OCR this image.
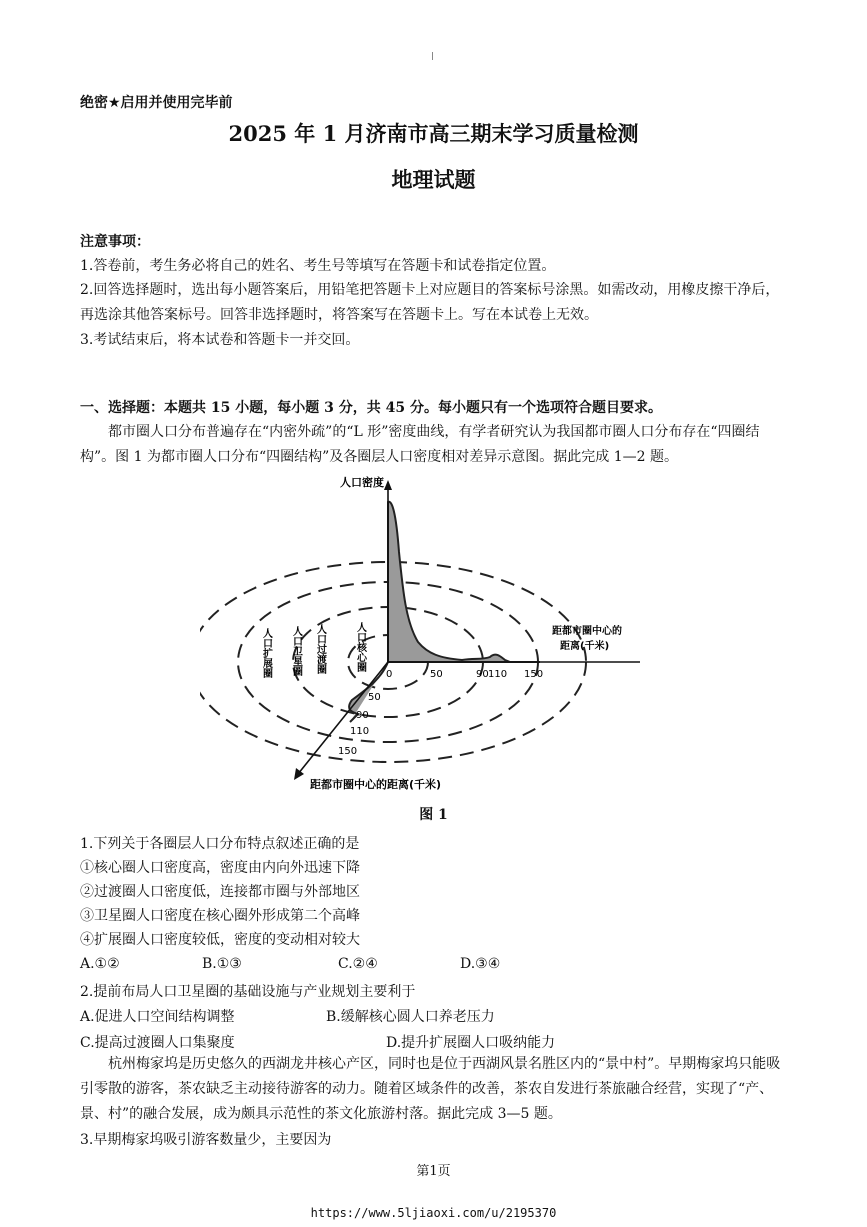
绝密★启用并使用完毕前
2025 年 1 月济南市高三期末学习质量检测
地理试题
注意事项：
1.答卷前，考生务必将自己的姓名、考生号等填写在答题卡和试卷指定位置。
2.回答选择题时，选出每小题答案后，用铅笔把答题卡上对应题目的答案标号涂黑。如需改动，用橡皮擦干净后，再选涂其他答案标号。回答非选择题时，将答案写在答题卡上。写在本试卷上无效。
3.考试结束后，将本试卷和答题卡一并交回。
一、选择题：本题共 15 小题，每小题 3 分，共 45 分。每小题只有一个选项符合题目要求。
都市圈人口分布普遍存在“内密外疏”的“L 形”密度曲线，有学者研究认为我国都市圈人口分布存在“四圈结构”。图 1 为都市圈人口分布“四圈结构”及各圈层人口密度相对差异示意图。据此完成 1—2 题。
人口密度
距都市圈中心的
距离(千米)
距都市圈中心的距离(千米)
0	50	90 110 150
50
90
110
150
人口核心圈
人口过渡圈
人口卫星圈
人口扩展圈
图 1
1.下列关于各圈层人口分布特点叙述正确的是
①核心圈人口密度高，密度由内向外迅速下降
②过渡圈人口密度低，连接都市圈与外部地区
③卫星圈人口密度在核心圈外形成第二个高峰
④扩展圈人口密度较低，密度的变动相对较大
A.①②	B.①③	C.②④	D.③④
2.提前布局人口卫星圈的基础设施与产业规划主要利于
A.促进人口空间结构调整	B.缓解核心圆人口养老压力
C.提高过渡圈人口集聚度	D.提升扩展圈人口吸纳能力
杭州梅家坞是历史悠久的西湖龙井核心产区，同时也是位于西湖风景名胜区内的“景中村”。早期梅家坞只能吸引零散的游客，茶农缺乏主动接待游客的动力。随着区域条件的改善，茶农自发进行茶旅融合经营，实现了“产、景、村”的融合发展，成为颇具示范性的茶文化旅游村落。据此完成 3—5 题。
3.早期梅家坞吸引游客数量少，主要因为
第1页
https://www.5ljiaoxi.com/u/2195370
